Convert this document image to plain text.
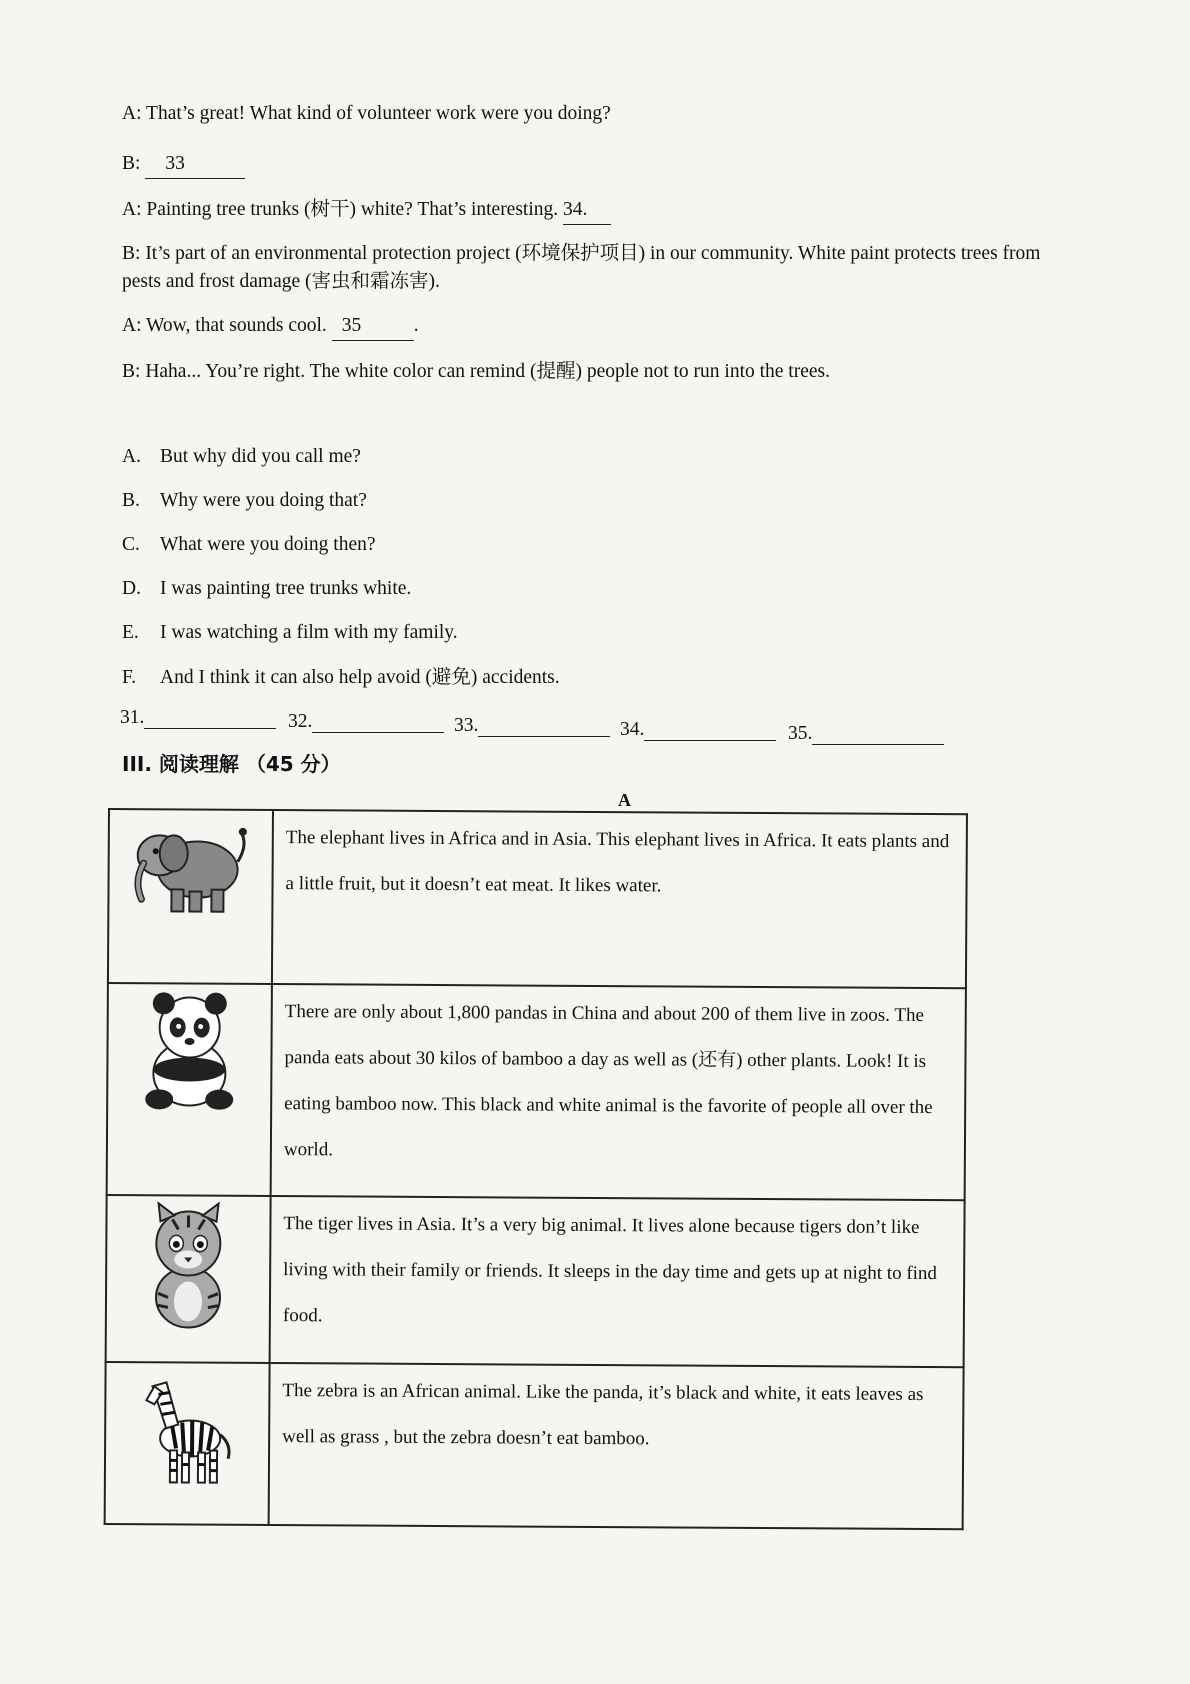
A: That’s great! What kind of volunteer work were you doing?
B: 33
A: Painting tree trunks (树干) white? That’s interesting. 34.
B: It’s part of an environmental protection project (环境保护项目) in our community. White paint protects trees from pests and frost damage (害虫和霜冻害).
A: Wow, that sounds cool. 35	.
B: Haha... You’re right. The white color can remind (提醒) people not to run into the trees.
A. But why did you call me?
B. Why were you doing that?
C. What were you doing then?
D. I was painting tree trunks white.
E. I was watching a film with my family.
F. And I think it can also help avoid (避免) accidents.
31.	32.	33.	34.	35.
III. 阅读理解 （45 分）
A
	The elephant lives in Africa and in Asia. This elephant lives in Africa. It eats plants and a little fruit, but it doesn’t eat meat. It likes water.
	There are only about 1,800 pandas in China and about 200 of them live in zoos. The panda eats about 30 kilos of bamboo a day as well as (还有) other plants. Look! It is eating bamboo now. This black and white animal is the favorite of people all over the world.
	The tiger lives in Asia. It’s a very big animal. It lives alone because tigers don’t like living with their family or friends. It sleeps in the day time and gets up at night to find food.
	The zebra is an African animal. Like the panda, it’s black and white, it eats leaves as well as grass , but the zebra doesn’t eat bamboo.
